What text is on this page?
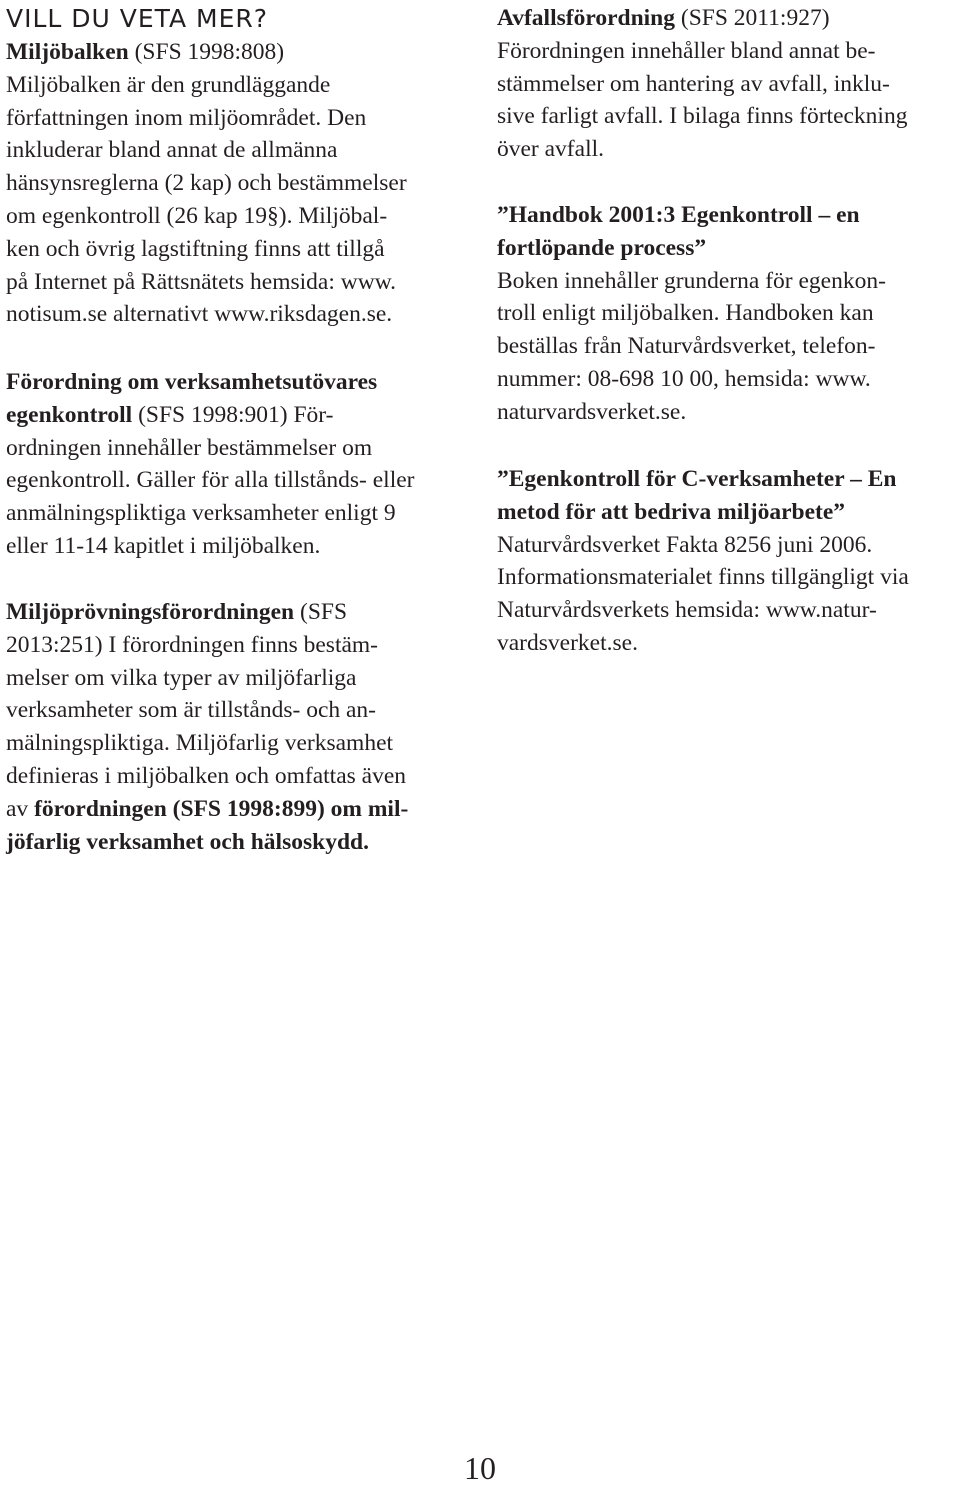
VILL DU VETA MER?

Miljöbalken (SFS 1998:808)
Miljöbalken är den grundläggande
författningen inom miljöområdet. Den
inkluderar bland annat de allmänna
hänsynsreglerna (2 kap) och bestämmelser
om egenkontroll (26 kap 19§). Miljöbal-
ken och övrig lagstiftning finns att tillgå
på Internet på Rättsnätets hemsida: www.
notisum.se alternativt www.riksdagen.se.

Förordning om verksamhetsutövares
egenkontroll (SFS 1998:901) För-
ordningen innehåller bestämmelser om
egenkontroll. Gäller för alla tillstånds- eller
anmälningspliktiga verksamheter enligt 9
eller 11-14 kapitlet i miljöbalken.

Miljöprövningsförordningen (SFS
2013:251) I förordningen finns bestäm-
melser om vilka typer av miljöfarliga
verksamheter som är tillstånds- och an-
mälningspliktiga. Miljöfarlig verksamhet
definieras i miljöbalken och omfattas även
av förordningen (SFS 1998:899) om mil-
jöfarlig verksamhet och hälsoskydd.

Avfallsförordning (SFS 2011:927)
Förordningen innehåller bland annat be-
stämmelser om hantering av avfall, inklu-
sive farligt avfall. I bilaga finns förteckning
över avfall.

”Handbok 2001:3 Egenkontroll – en
fortlöpande process”

Boken innehåller grunderna för egenkon-
troll enligt miljöbalken. Handboken kan
beställas från Naturvårdsverket, telefon-
nummer: 08-698 10 00, hemsida: www.
naturvardsverket.se.

”Egenkontroll för C-verksamheter – En
metod för att bedriva miljöarbete”

Naturvårdsverket Fakta 8256 juni 2006.
Informationsmaterialet finns tillgängligt via
Naturvårdsverkets hemsida: www.natur-
vardsverket.se.

10
